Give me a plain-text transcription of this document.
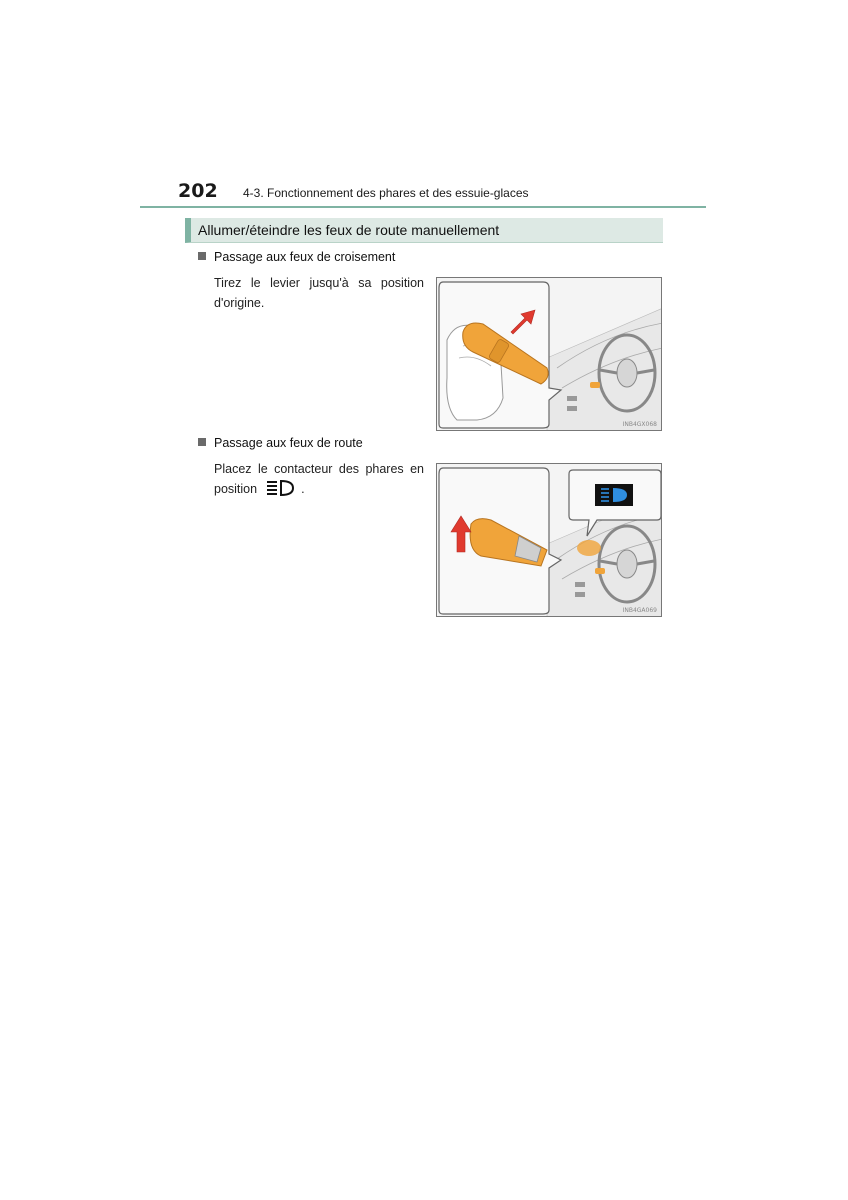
202 4-3. Fonctionnement des phares et des essuie-glaces
Allumer/éteindre les feux de route manuellement
Passage aux feux de croisement
Tirez le levier jusqu'à sa position d'origine.
INB4GX068
Passage aux feux de route
Placez le contacteur des phares en position	.
INB4GA069
